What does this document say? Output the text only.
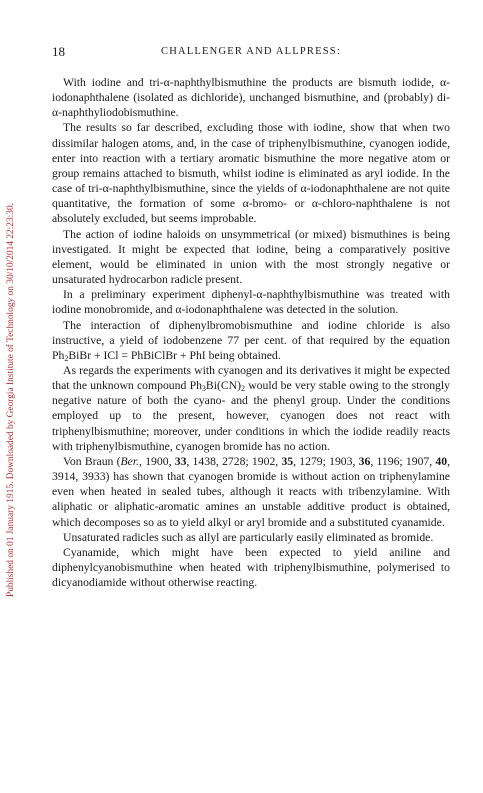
Published on 01 January 1915. Downloaded by Georgia Institute of Technology on 30/10/2014 22:23:30.
18	CHALLENGER AND ALLPRESS:

With iodine and tri-α-naphthylbismuthine the products are bismuth iodide, α-iodonaphthalene (isolated as dichloride), unchanged bismuthine, and (probably) di-α-naphthyliodobismuthine.

The results so far described, excluding those with iodine, show that when two dissimilar halogen atoms, and, in the case of triphenylbismuthine, cyanogen iodide, enter into reaction with a tertiary aromatic bismuthine the more negative atom or group remains attached to bismuth, whilst iodine is eliminated as aryl iodide. In the case of tri-α-naphthylbismuthine, since the yields of α-iodonaphthalene are not quite quantitative, the formation of some α-bromo- or α-chloro-naphthalene is not absolutely excluded, but seems improbable.

The action of iodine haloids on unsymmetrical (or mixed) bismuthines is being investigated. It might be expected that iodine, being a comparatively positive element, would be eliminated in union with the most strongly negative or unsaturated hydrocarbon radicle present.

In a preliminary experiment diphenyl-α-naphthylbismuthine was treated with iodine monobromide, and α-iodonaphthalene was detected in the solution.

The interaction of diphenylbromobismuthine and iodine chloride is also instructive, a yield of iodobenzene 77 per cent. of that required by the equation $Ph_2BiBr$ + ICl = PhBiClBr + PhI being obtained.

As regards the experiments with cyanogen and its derivatives it might be expected that the unknown compound $Ph_3Bi(CN)_2$ would be very stable owing to the strongly negative nature of both the cyano- and the phenyl group. Under the conditions employed up to the present, however, cyanogen does not react with triphenylbismuthine; moreover, under conditions in which the iodide readily reacts with triphenylbismuthine, cyanogen bromide has no action.

Von Braun (Ber., 1900, 33, 1438, 2728; 1902, 35, 1279; 1903, 36, 1196; 1907, 40, 3914, 3933) has shown that cyanogen bromide is without action on triphenylamine even when heated in sealed tubes, although it reacts with tribenzylamine. With aliphatic or aliphatic-aromatic amines an unstable additive product is obtained, which decomposes so as to yield alkyl or aryl bromide and a substituted cyanamide.

Unsaturated radicles such as allyl are particularly easily eliminated as bromide.

Cyanamide, which might have been expected to yield aniline and diphenylcyanobismuthine when heated with triphenylbismuthine, polymerised to dicyanodiamide without otherwise reacting.
